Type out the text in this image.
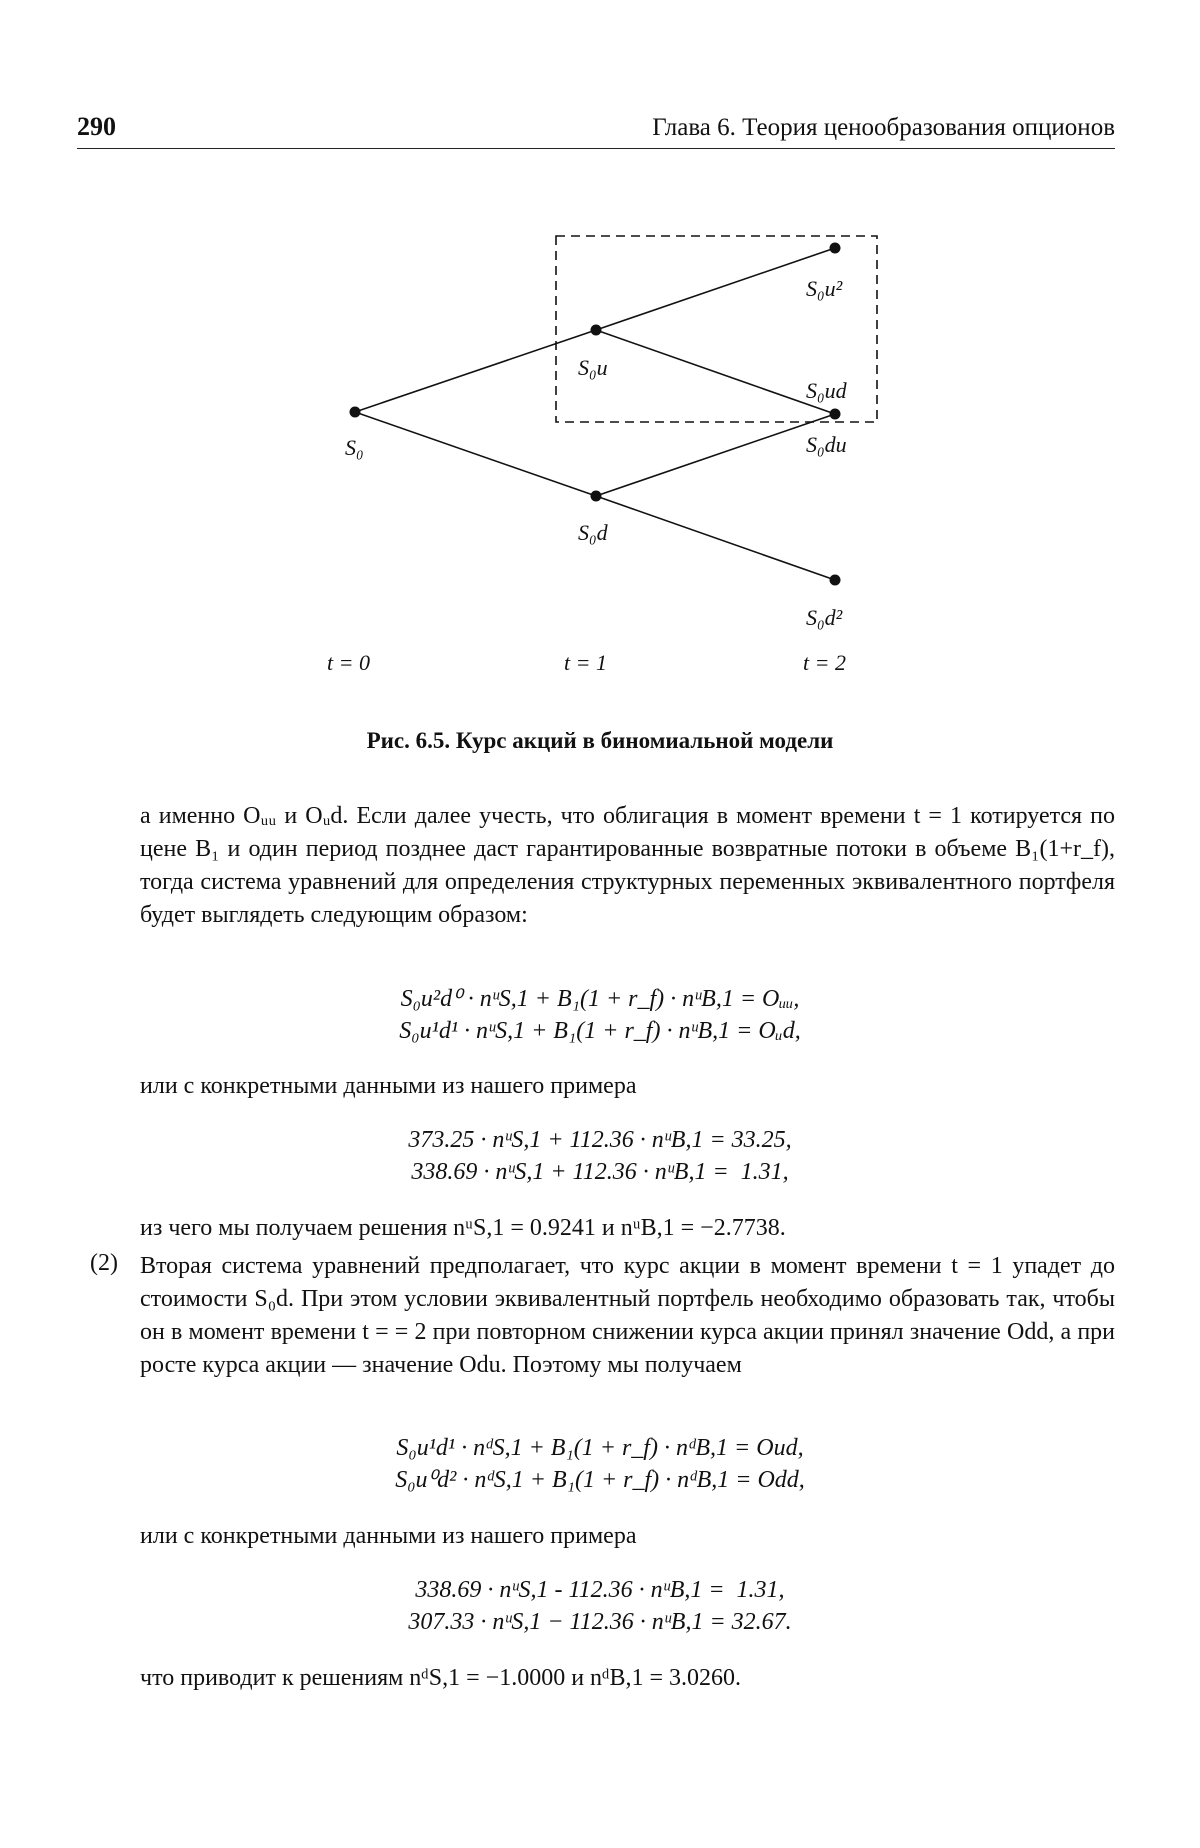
290	Глава 6. Теория ценообразования опционов
S₀
S₀u
S₀d
S₀u²
S₀ud
S₀du
S₀d²
t = 0	t = 1	t = 2
Рис. 6.5. Курс акций в биномиальной модели
а именно Oᵤᵤ и Oᵤd. Если далее учесть, что облигация в момент времени t = 1 котируется по цене B₁ и один период позднее даст гарантированные возвратные потоки в объеме B₁(1+r_f), тогда система уравнений для определения структурных переменных эквивалентного портфеля будет выглядеть следующим образом:
S₀u²d⁰ · nᵘS,1 + B₁(1 + r_f) · nᵘB,1 = Oᵤᵤ,
S₀u¹d¹ · nᵘS,1 + B₁(1 + r_f) · nᵘB,1 = Oᵤd,
или с конкретными данными из нашего примера
373.25 · nᵘS,1 + 112.36 · nᵘB,1 = 33.25,
338.69 · nᵘS,1 + 112.36 · nᵘB,1 =  1.31,
из чего мы получаем решения nᵘS,1 = 0.9241 и nᵘB,1 = −2.7738.
(2) Вторая система уравнений предполагает, что курс акции в момент времени t = 1 упадет до стоимости S₀d. При этом условии эквивалентный портфель необходимо образовать так, чтобы он в момент времени t = = 2 при повторном снижении курса акции принял значение Odd, а при росте курса акции — значение Odu. Поэтому мы получаем
S₀u¹d¹ · nᵈS,1 + B₁(1 + r_f) · nᵈB,1 = Oud,
S₀u⁰d² · nᵈS,1 + B₁(1 + r_f) · nᵈB,1 = Odd,
или с конкретными данными из нашего примера
338.69 · nᵘS,1 - 112.36 · nᵘB,1 =  1.31,
307.33 · nᵘS,1 − 112.36 · nᵘB,1 = 32.67.
что приводит к решениям nᵈS,1 = −1.0000 и nᵈB,1 = 3.0260.
